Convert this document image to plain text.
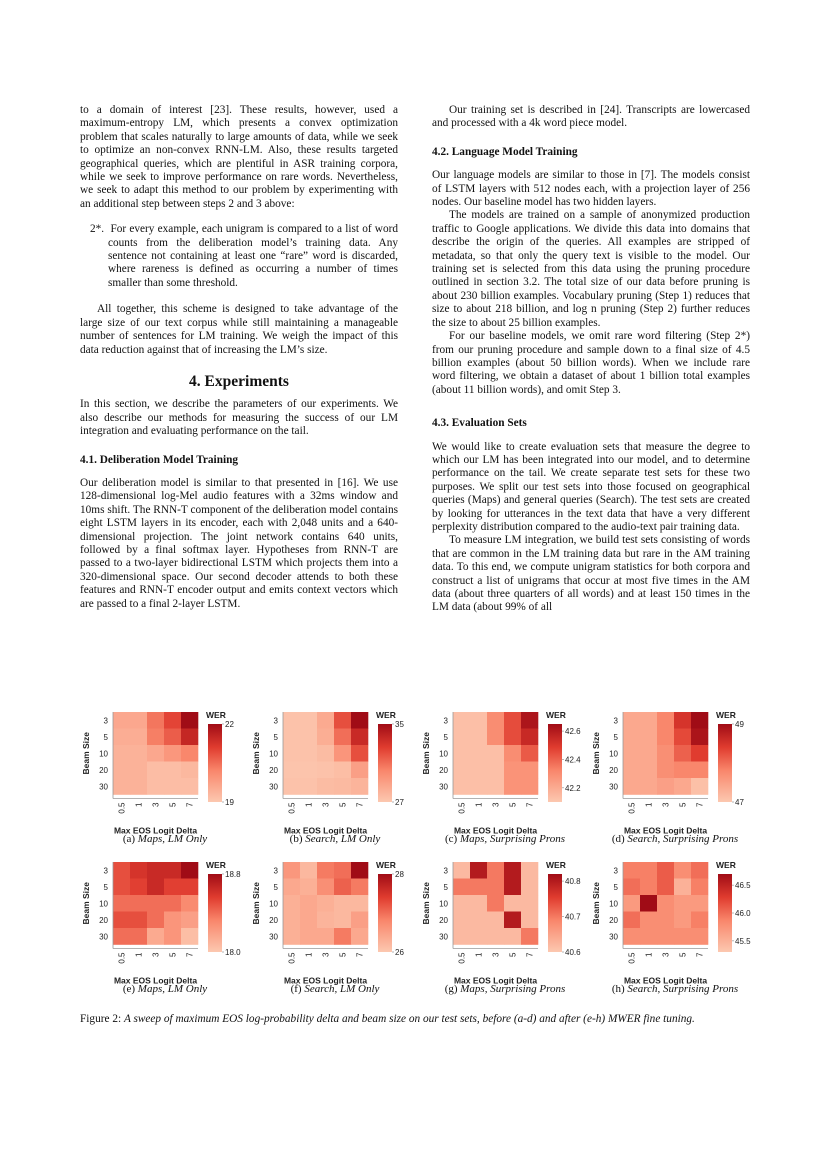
to a domain of interest [23]. These results, however, used a maximum-entropy LM, which presents a convex optimization problem that scales naturally to large amounts of data, while we seek to optimize an non-convex RNN-LM. Also, these results targeted geographical queries, which are plentiful in ASR training corpora, while we seek to improve performance on rare words. Nevertheless, we seek to adapt this method to our problem by experimenting with an additional step between steps 2 and 3 above:

2*. For every example, each unigram is compared to a list of word counts from the deliberation model’s training data. Any sentence not containing at least one “rare” word is discarded, where rareness is defined as occurring a number of times smaller than some threshold.

All together, this scheme is designed to take advantage of the large size of our text corpus while still maintaining a manageable number of sentences for LM training. We weigh the impact of this data reduction against that of increasing the LM’s size.

4. Experiments

In this section, we describe the parameters of our experiments. We also describe our methods for measuring the success of our LM integration and evaluating performance on the tail.

4.1. Deliberation Model Training

Our deliberation model is similar to that presented in [16]. We use 128-dimensional log-Mel audio features with a 32ms window and 10ms shift. The RNN-T component of the deliberation model contains eight LSTM layers in its encoder, each with 2,048 units and a 640-dimensional projection. The joint network contains 640 units, followed by a final softmax layer. Hypotheses from RNN-T are passed to a two-layer bidirectional LSTM which projects them into a 320-dimensional space. Our second decoder attends to both these features and RNN-T encoder output and emits context vectors which are passed to a final 2-layer LSTM.

Our training set is described in [24]. Transcripts are lowercased and processed with a 4k word piece model.

4.2. Language Model Training

Our language models are similar to those in [7]. The models consist of LSTM layers with 512 nodes each, with a projection layer of 256 nodes. Our baseline model has two hidden layers.

The models are trained on a sample of anonymized production traffic to Google applications. We divide this data into domains that describe the origin of the queries. All examples are stripped of metadata, so that only the query text is visible to the model. Our training set is selected from this data using the pruning procedure outlined in section 3.2. The total size of our data before pruning is about 230 billion examples. Vocabulary pruning (Step 1) reduces that size to about 218 billion, and log n pruning (Step 2) further reduces the size to about 25 billion examples.

For our baseline models, we omit rare word filtering (Step 2*) from our pruning procedure and sample down to a final size of 4.5 billion examples (about 50 billion words). When we include rare word filtering, we obtain a dataset of about 1 billion total examples (about 11 billion words), and omit Step 3.

4.3. Evaluation Sets

We would like to create evaluation sets that measure the degree to which our LM has been integrated into our model, and to determine performance on the tail. We create separate test sets for these two purposes. We split our test sets into those focused on geographical queries (Maps) and general queries (Search). The test sets are created by looking for utterances in the text data that have a very different perplexity distribution compared to the audio-text pair training data.

To measure LM integration, we build test sets consisting of words that are common in the LM training data but rare in the AM training data. To this end, we compute unigram statistics for both corpora and construct a list of unigrams that occur at most five times in the AM data (about three quarters of all words) and at least 150 times in the LM data (about 99% of all

3
5
10
20
30
0.5 1 3 5 7
Max EOS Logit Delta
Beam Size
WER
22
19
(a) Maps, LM Only
3
5
10
20
30
0.5 1 3 5 7
Max EOS Logit Delta
Beam Size
WER
35
27
(b) Search, LM Only
3
5
10
20
30
0.5 1 3 5 7
Max EOS Logit Delta
Beam Size
WER
42.6
42.4
42.2
(c) Maps, Surprising Prons
3
5
10
20
30
0.5 1 3 5 7
Max EOS Logit Delta
Beam Size
WER
49
47
(d) Search, Surprising Prons
3
5
10
20
30
0.5 1 3 5 7
Max EOS Logit Delta
Beam Size
WER
18.8
18.0
(e) Maps, LM Only
3
5
10
20
30
0.5 1 3 5 7
Max EOS Logit Delta
Beam Size
WER
28
26
(f) Search, LM Only
3
5
10
20
30
0.5 1 3 5 7
Max EOS Logit Delta
Beam Size
WER
40.8
40.7
40.6
(g) Maps, Surprising Prons
3
5
10
20
30
0.5 1 3 5 7
Max EOS Logit Delta
Beam Size
WER
46.5
46.0
45.5
(h) Search, Surprising Prons
Figure 2: A sweep of maximum EOS log-probability delta and beam size on our test sets, before (a-d) and after (e-h) MWER fine tuning.
